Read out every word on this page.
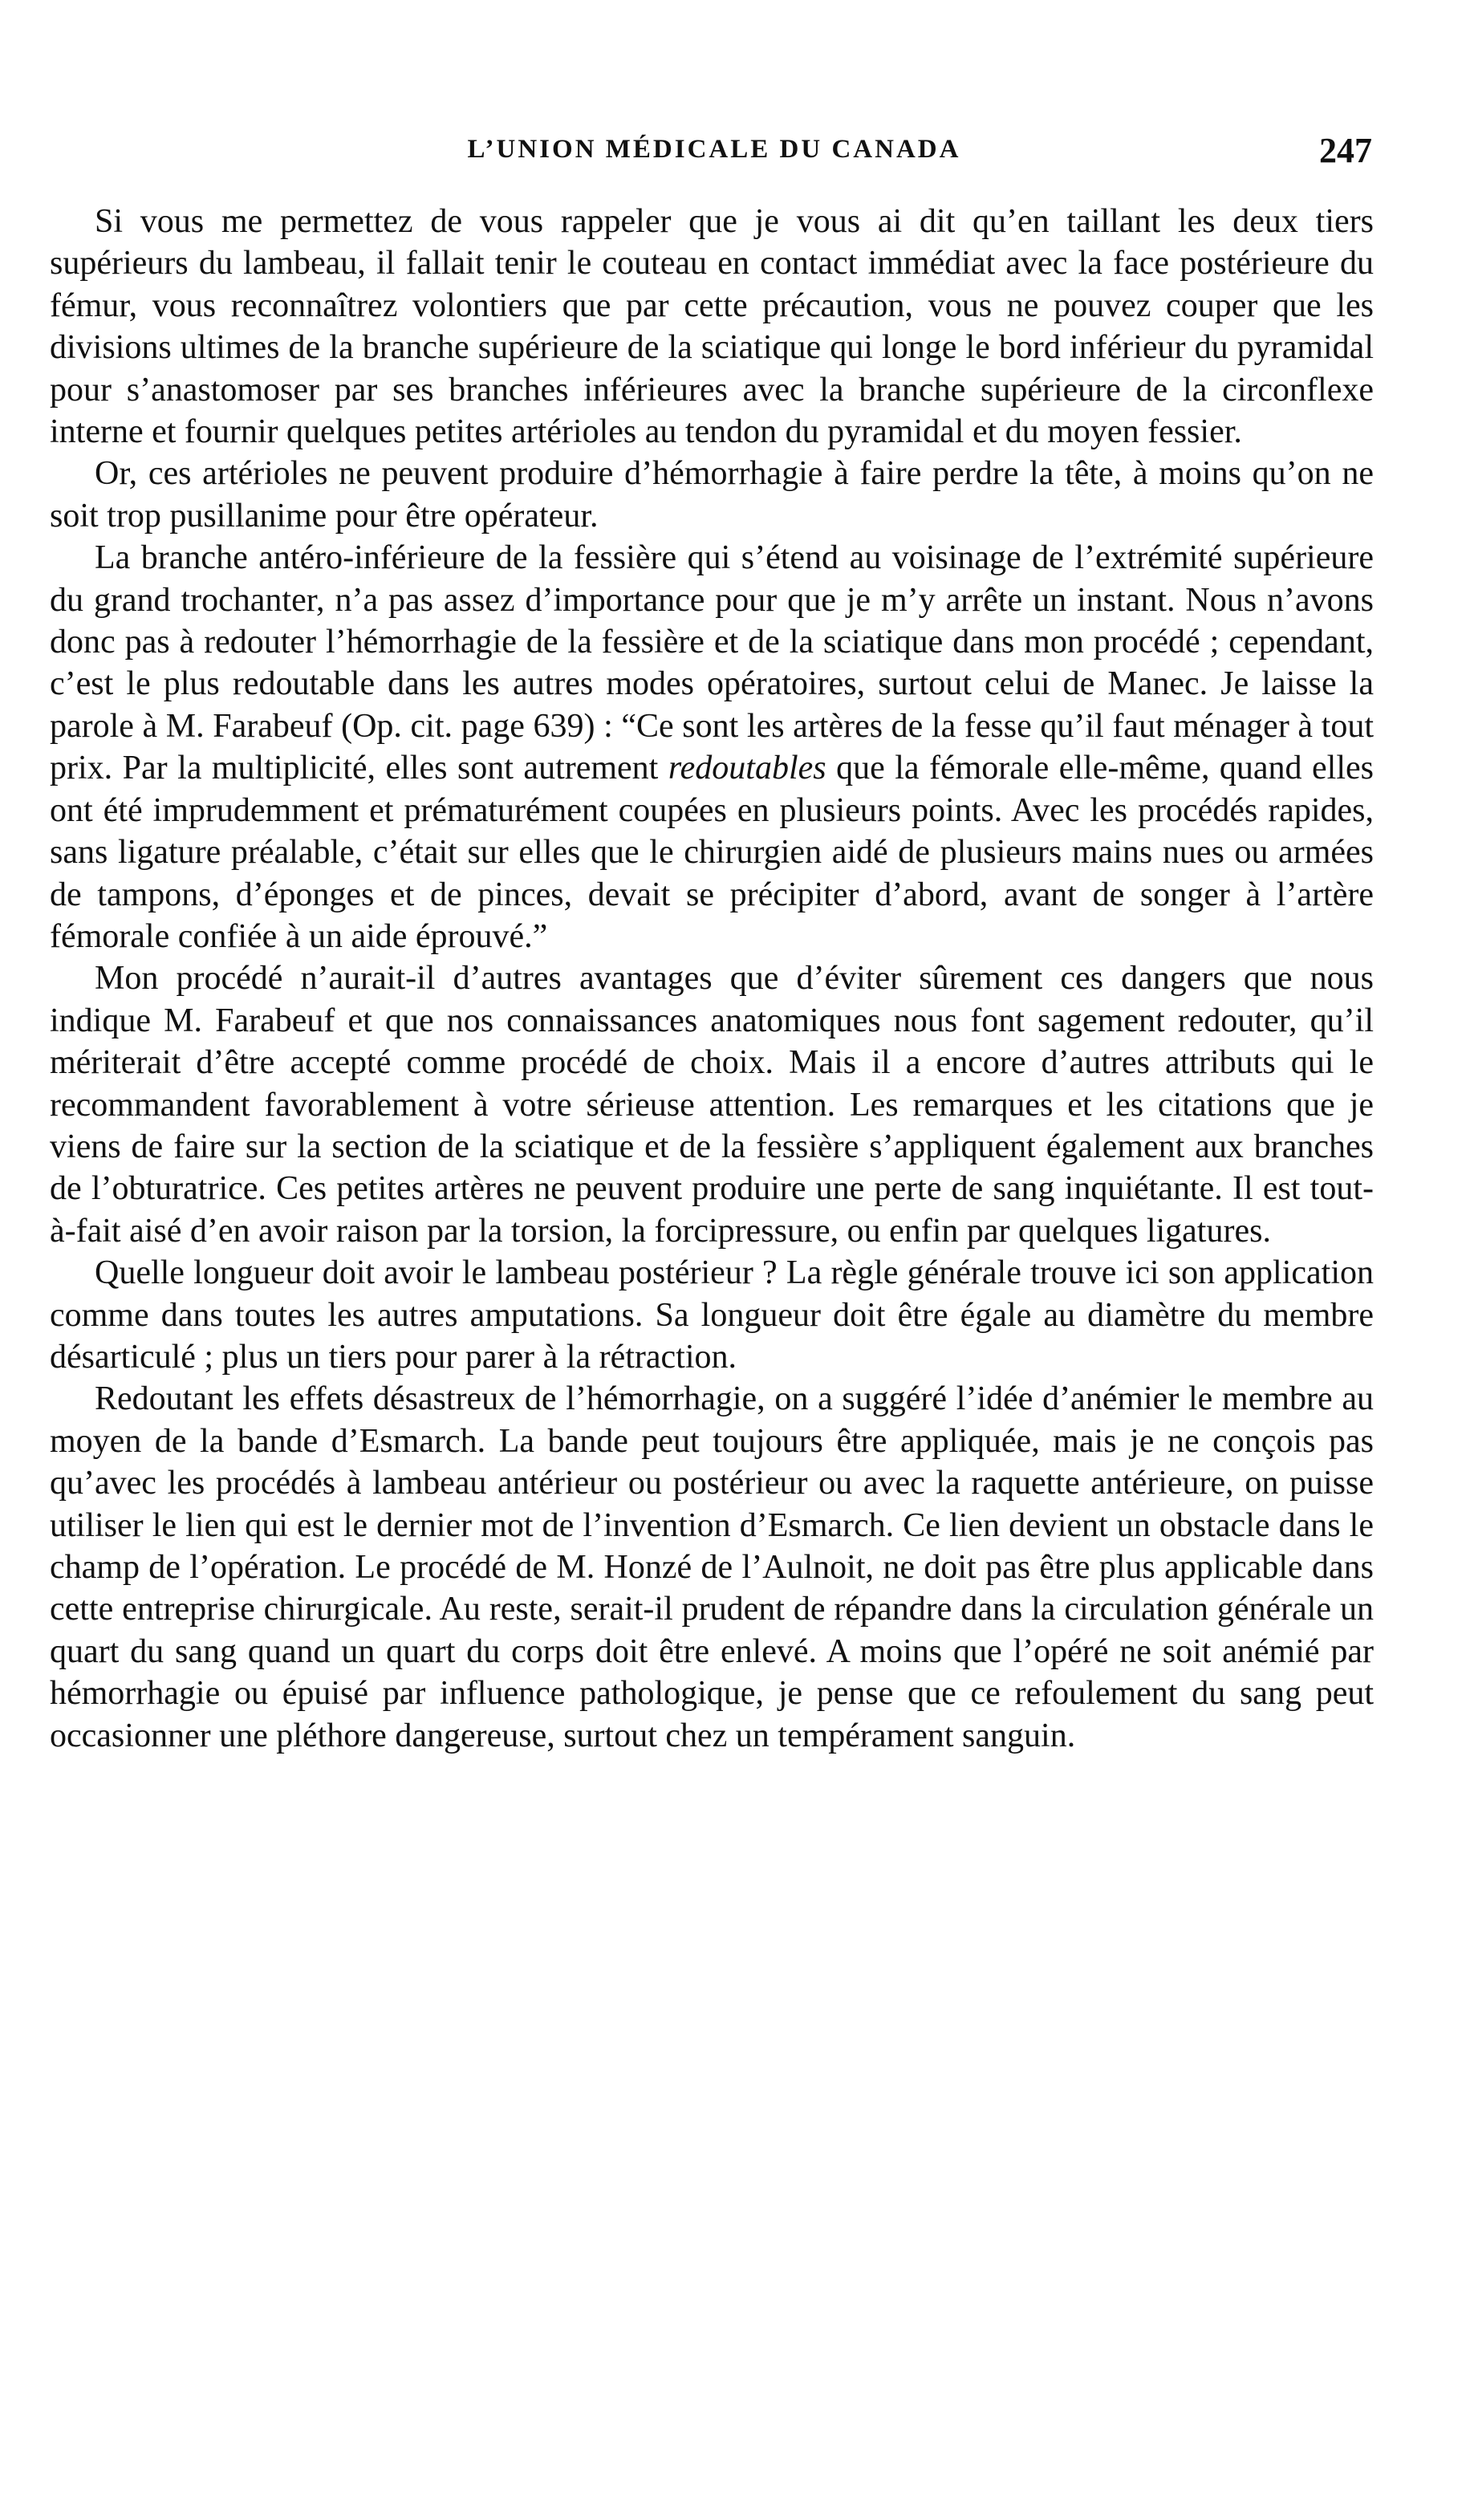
L’UNION MÉDICALE DU CANADA	247

Si vous me permettez de vous rappeler que je vous ai dit qu’en taillant les deux tiers supérieurs du lambeau, il fallait tenir le couteau en contact immédiat avec la face postérieure du fémur, vous reconnaîtrez volontiers que par cette précaution, vous ne pouvez couper que les divisions ultimes de la branche supérieure de la sciatique qui longe le bord inférieur du pyramidal pour s’anastomoser par ses branches inférieures avec la branche supérieure de la circonflexe interne et fournir quelques petites artérioles au tendon du pyramidal et du moyen fessier.

Or, ces artérioles ne peuvent produire d’hémorrhagie à faire perdre la tête, à moins qu’on ne soit trop pusillanime pour être opérateur.

La branche antéro-inférieure de la fessière qui s’étend au voisinage de l’extrémité supérieure du grand trochanter, n’a pas assez d’importance pour que je m’y arrête un instant. Nous n’avons donc pas à redouter l’hémorrhagie de la fessière et de la sciatique dans mon procédé ; cependant, c’est le plus redoutable dans les autres modes opératoires, surtout celui de Manec. Je laisse la parole à M. Farabeuf (Op. cit. page 639) : “Ce sont les artères de la fesse qu’il faut ménager à tout prix. Par la multiplicité, elles sont autrement redoutables que la fémorale elle-même, quand elles ont été imprudemment et prématurément coupées en plusieurs points. Avec les procédés rapides, sans ligature préalable, c’était sur elles que le chirurgien aidé de plusieurs mains nues ou armées de tampons, d’éponges et de pinces, devait se précipiter d’abord, avant de songer à l’artère fémorale confiée à un aide éprouvé.”

Mon procédé n’aurait-il d’autres avantages que d’éviter sûrement ces dangers que nous indique M. Farabeuf et que nos connaissances anatomiques nous font sagement redouter, qu’il mériterait d’être accepté comme procédé de choix. Mais il a encore d’autres attributs qui le recommandent favorablement à votre sérieuse attention. Les remarques et les citations que je viens de faire sur la section de la sciatique et de la fessière s’appliquent également aux branches de l’obturatrice. Ces petites artères ne peuvent produire une perte de sang inquiétante. Il est tout-à-fait aisé d’en avoir raison par la torsion, la forcipressure, ou enfin par quelques ligatures.

Quelle longueur doit avoir le lambeau postérieur ? La règle générale trouve ici son application comme dans toutes les autres amputations. Sa longueur doit être égale au diamètre du membre désarticulé ; plus un tiers pour parer à la rétraction.

Redoutant les effets désastreux de l’hémorrhagie, on a suggéré l’idée d’anémier le membre au moyen de la bande d’Esmarch. La bande peut toujours être appliquée, mais je ne conçois pas qu’avec les procédés à lambeau antérieur ou postérieur ou avec la raquette antérieure, on puisse utiliser le lien qui est le dernier mot de l’invention d’Esmarch. Ce lien devient un obstacle dans le champ de l’opération. Le procédé de M. Honzé de l’Aulnoit, ne doit pas être plus applicable dans cette entreprise chirurgicale. Au reste, serait-il prudent de répandre dans la circulation générale un quart du sang quand un quart du corps doit être enlevé. A moins que l’opéré ne soit anémié par hémorrhagie ou épuisé par influence pathologique, je pense que ce refoulement du sang peut occasionner une pléthore dangereuse, surtout chez un tempérament sanguin.
